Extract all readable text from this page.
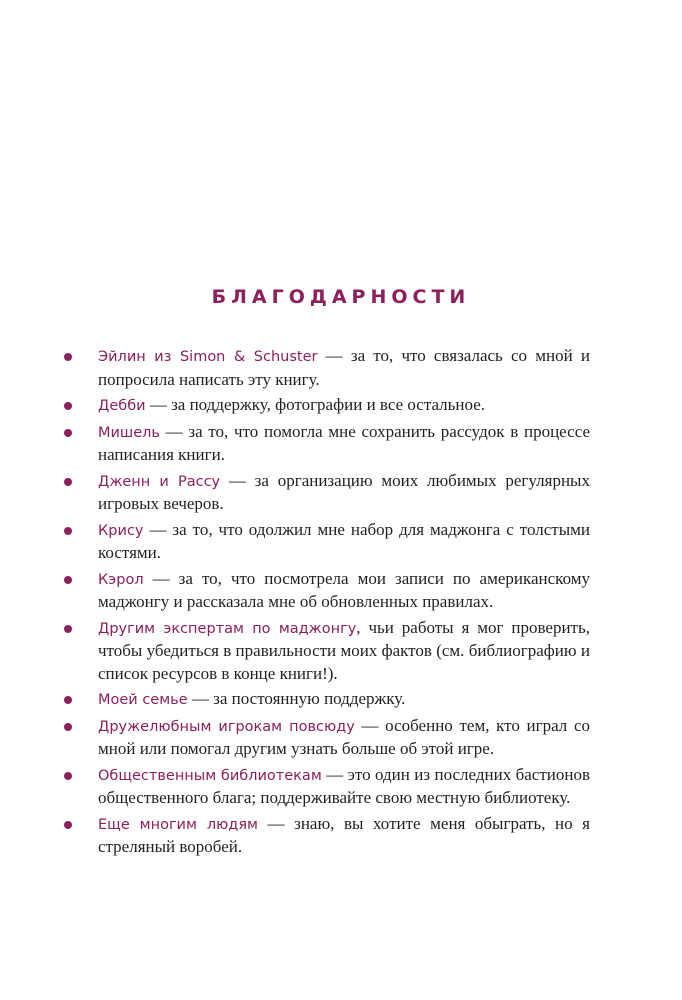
БЛАГОДАРНОСТИ
Эйлин из Simon & Schuster — за то, что связалась со мной и попросила написать эту книгу.
Дебби — за поддержку, фотографии и все остальное.
Мишель — за то, что помогла мне сохранить рассудок в процессе написания книги.
Дженн и Рассу — за организацию моих любимых регулярных игровых вечеров.
Крису — за то, что одолжил мне набор для маджонга с толстыми костями.
Кэрол — за то, что посмотрела мои записи по американскому маджонгу и рассказала мне об обновленных правилах.
Другим экспертам по маджонгу, чьи работы я мог проверить, чтобы убедиться в правильности моих фактов (см. библиографию и список ресурсов в конце книги!).
Моей семье — за постоянную поддержку.
Дружелюбным игрокам повсюду — особенно тем, кто играл со мной или помогал другим узнать больше об этой игре.
Общественным библиотекам — это один из последних бастионов общественного блага; поддерживайте свою местную библиотеку.
Еще многим людям — знаю, вы хотите меня обыграть, но я стреляный воробей.
